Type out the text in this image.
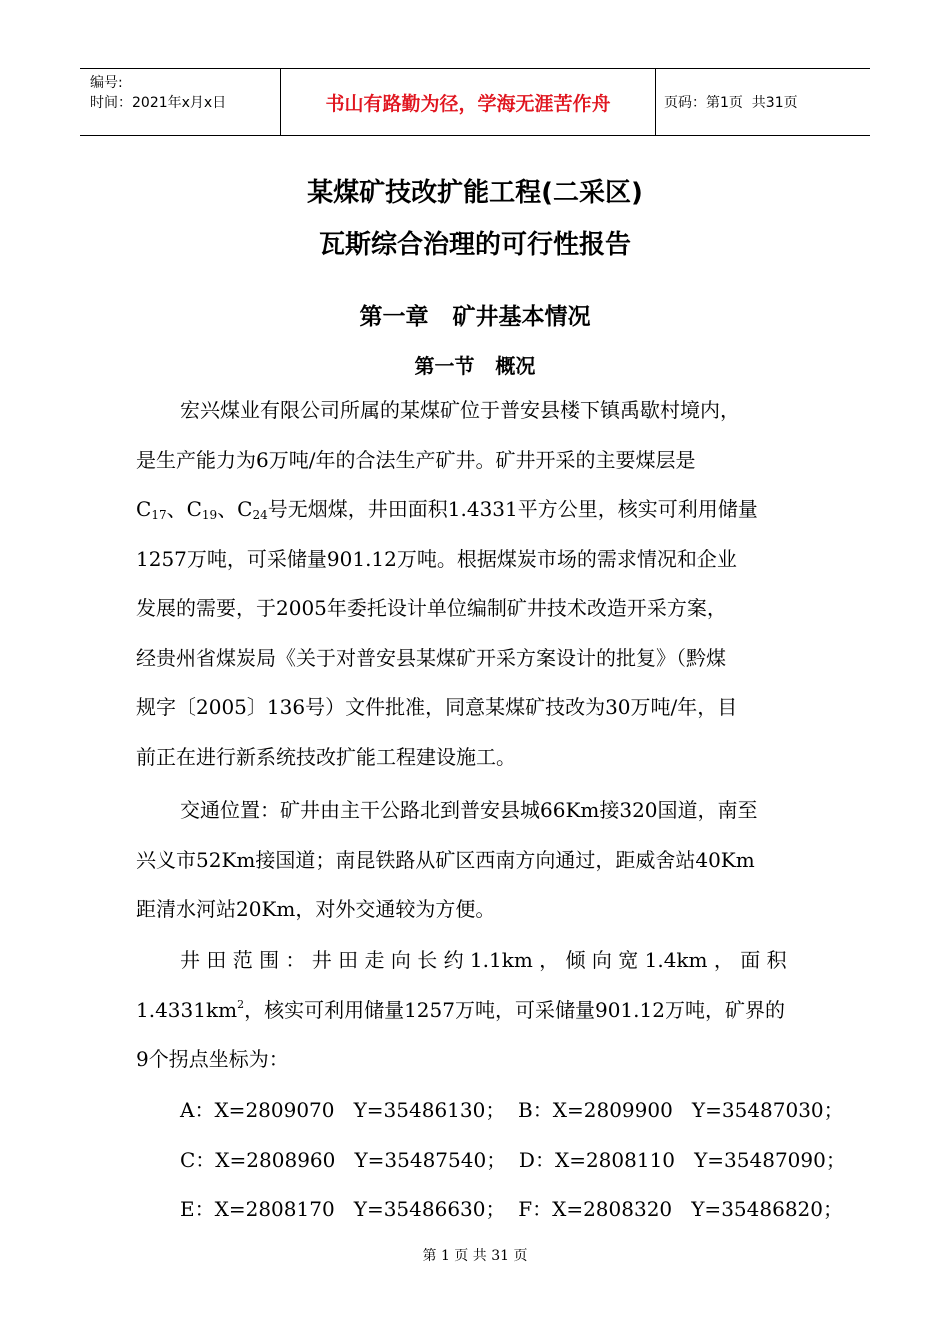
编号:
时间：2021年x月x日	书山有路勤为径，学海无涯苦作舟	页码：第1页  共31页
某煤矿技改扩能工程(二采区)
瓦斯综合治理的可行性报告
第一章   矿井基本情况
第一节   概况
宏兴煤业有限公司所属的某煤矿位于普安县楼下镇禹歇村境内，
是生产能力为6万吨/年的合法生产矿井。矿井开采的主要煤层是
$C_{17}$、$C_{19}$、$C_{24}$号无烟煤，井田面积1.4331平方公里，核实可利用储量
1257万吨，可采储量901.12万吨。根据煤炭市场的需求情况和企业
发展的需要，于2005年委托设计单位编制矿井技术改造开采方案，
经贵州省煤炭局《关于对普安县某煤矿开采方案设计的批复》（黔煤
规字〔2005〕136号）文件批准，同意某煤矿技改为30万吨/年，目
前正在进行新系统技改扩能工程建设施工。
交通位置：矿井由主干公路北到普安县城66Km接320国道，南至
兴义市52Km接国道；南昆铁路从矿区西南方向通过，距威舍站40Km
距清水河站20Km，对外交通较为方便。
井 田 范 围 ： 井 田 走 向 长 约 1.1km ， 倾 向 宽 1.4km ， 面 积
$1.4331km^2$，核实可利用储量1257万吨，可采储量901.12万吨，矿界的
9个拐点坐标为：
A：X=2809070   Y=35486130；  B：X=2809900   Y=35487030；
C：X=2808960   Y=35487540；  D：X=2808110   Y=35487090；
E：X=2808170   Y=35486630；  F：X=2808320   Y=35486820；
第 1 页 共 31 页
